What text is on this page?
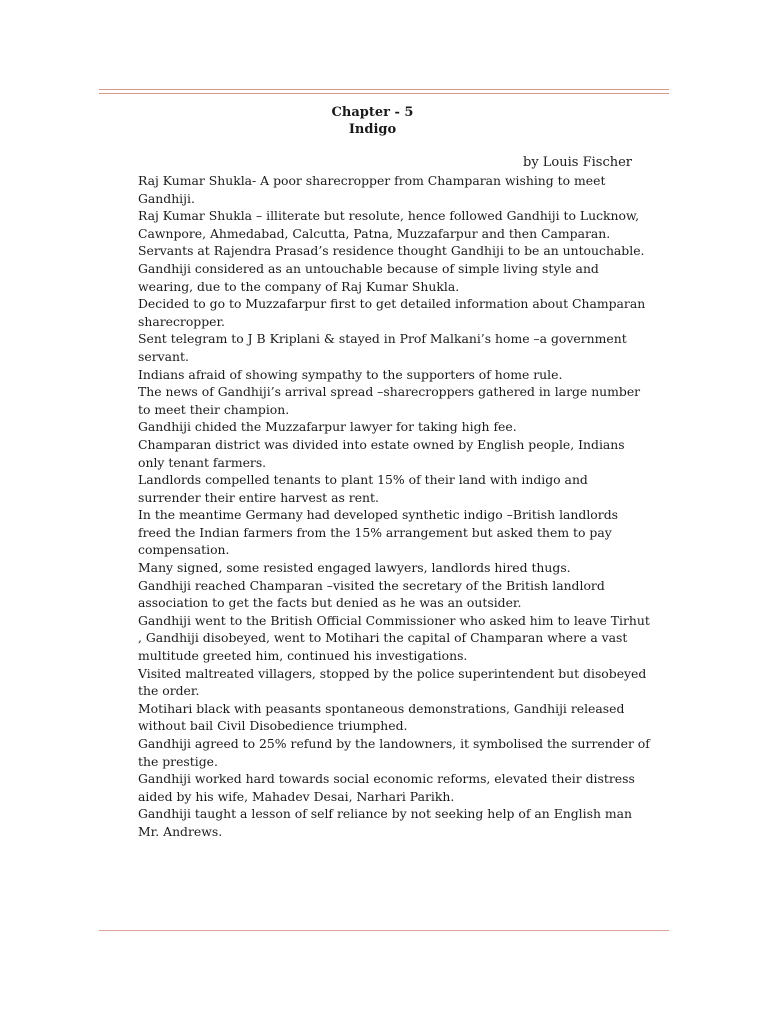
Chapter - 5
Indigo
by Louis Fischer

Raj Kumar Shukla- A poor sharecropper from Champaran wishing to meet Gandhiji.

Raj Kumar Shukla – illiterate but resolute, hence followed Gandhiji to Lucknow, Cawnpore, Ahmedabad, Calcutta, Patna, Muzzafarpur and then Camparan.

Servants at Rajendra Prasad’s residence thought Gandhiji to be an untouchable.

Gandhiji considered as an untouchable because of simple living style and wearing, due to the company of Raj Kumar Shukla.

Decided to go to Muzzafarpur first to get detailed information about Champaran sharecropper.

Sent telegram to J B Kriplani & stayed in Prof Malkani’s home –a government servant.

Indians afraid of showing sympathy to the supporters of home rule.

The news of Gandhiji’s arrival spread –sharecroppers gathered in large number to meet their champion.

Gandhiji chided the Muzzafarpur lawyer for taking high fee.

Champaran district was divided into estate owned by English people, Indians only tenant farmers.

Landlords compelled tenants to plant 15% of their land with indigo and surrender their entire harvest as rent.

In the meantime Germany had developed synthetic indigo –British landlords freed the Indian farmers from the 15% arrangement but asked them to pay compensation.

Many signed, some resisted engaged lawyers, landlords hired thugs.

Gandhiji reached Champaran –visited the secretary of the British landlord association to get the facts but denied as he was an outsider.

Gandhiji went to the British Official Commissioner who asked him to leave Tirhut , Gandhiji disobeyed, went to Motihari the capital of Champaran where a vast multitude greeted him, continued his investigations.

Visited maltreated villagers, stopped by the police superintendent but disobeyed the order.

Motihari black with peasants spontaneous demonstrations, Gandhiji released without bail Civil Disobedience triumphed.

Gandhiji agreed to 25% refund by the landowners, it symbolised the surrender of the prestige.

Gandhiji worked hard towards social economic reforms, elevated their distress aided by his wife, Mahadev Desai, Narhari Parikh.

Gandhiji taught a lesson of self reliance by not seeking help of an English man Mr. Andrews.
